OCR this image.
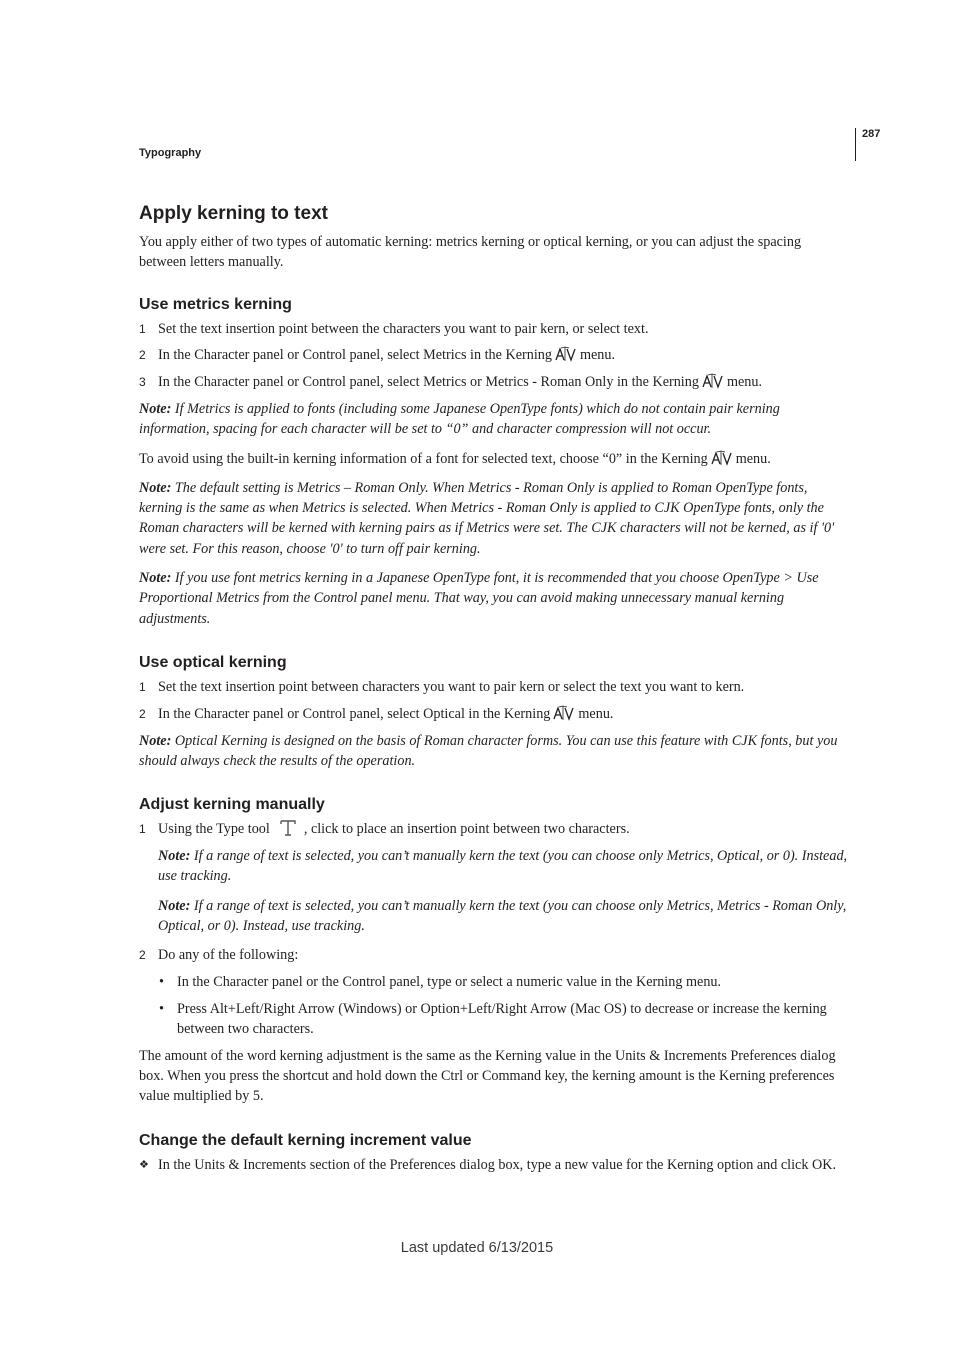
287
Typography
Apply kerning to text

You apply either of two types of automatic kerning: metrics kerning or optical kerning, or you can adjust the spacing between letters manually.

Use metrics kerning
1 Set the text insertion point between the characters you want to pair kern, or select text.
2 In the Character panel or Control panel, select Metrics in the Kerning menu.
3 In the Character panel or Control panel, select Metrics or Metrics - Roman Only in the Kerning menu.

Note: If Metrics is applied to fonts (including some Japanese OpenType fonts) which do not contain pair kerning information, spacing for each character will be set to “0” and character compression will not occur.

To avoid using the built-in kerning information of a font for selected text, choose “0” in the Kerning menu.

Note: The default setting is Metrics – Roman Only. When Metrics - Roman Only is applied to Roman OpenType fonts, kerning is the same as when Metrics is selected. When Metrics - Roman Only is applied to CJK OpenType fonts, only the Roman characters will be kerned with kerning pairs as if Metrics were set. The CJK characters will not be kerned, as if '0' were set. For this reason, choose '0' to turn off pair kerning.

Note: If you use font metrics kerning in a Japanese OpenType font, it is recommended that you choose OpenType > Use Proportional Metrics from the Control panel menu. That way, you can avoid making unnecessary manual kerning adjustments.

Use optical kerning
1 Set the text insertion point between characters you want to pair kern or select the text you want to kern.
2 In the Character panel or Control panel, select Optical in the Kerning menu.

Note: Optical Kerning is designed on the basis of Roman character forms. You can use this feature with CJK fonts, but you should always check the results of the operation.

Adjust kerning manually
1 Using the Type tool , click to place an insertion point between two characters.

Note: If a range of text is selected, you can’t manually kern the text (you can choose only Metrics, Optical, or 0). Instead, use tracking.

Note: If a range of text is selected, you can’t manually kern the text (you can choose only Metrics, Metrics - Roman Only, Optical, or 0). Instead, use tracking.

2 Do any of the following:
• In the Character panel or the Control panel, type or select a numeric value in the Kerning menu.
• Press Alt+Left/Right Arrow (Windows) or Option+Left/Right Arrow (Mac OS) to decrease or increase the kerning between two characters.

The amount of the word kerning adjustment is the same as the Kerning value in the Units & Increments Preferences dialog box. When you press the shortcut and hold down the Ctrl or Command key, the kerning amount is the Kerning preferences value multiplied by 5.

Change the default kerning increment value
❖ In the Units & Increments section of the Preferences dialog box, type a new value for the Kerning option and click OK.
Last updated 6/13/2015
